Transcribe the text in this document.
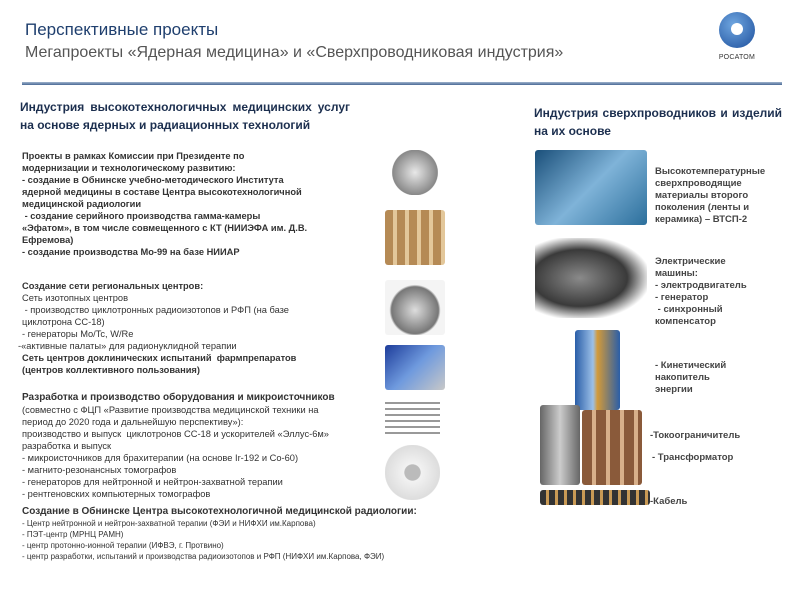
Перспективные проекты
Мегапроекты «Ядерная медицина» и «Сверхпроводниковая индустрия»	РОСАТОМ
Индустрия высокотехнологичных медицинских услуг на основе ядерных и радиационных технологий
Индустрия сверхпроводников и изделий на их основе
Проекты в рамках Комиссии при Президенте по
модернизации и технологическому развитию:
- создание в Обнинске учебно-методического Института
ядерной медицины в составе Центра высокотехнологичной
медицинской радиологии
- создание серийного производства гамма-камеры
«Эфатом», в том числе совмещенного с КТ (НИИЭФА им. Д.В.
Ефремова)
- создание производства Мо-99 на базе НИИАР
Создание сети региональных центров:
Сеть изотопных центров
- производство циклотронных радиоизотопов и РФП (на базе
циклотрона СС-18)
- генераторы Mo/Tc, W/Re
-«активные палаты» для радионуклидной терапии
Сеть центров доклинических испытаний  фармпрепаратов
(центров коллективного пользования)
Разработка и производство оборудования и микроисточников
(совместно с ФЦП «Развитие производства медицинской техники на
период до 2020 года и дальнейшую перспективу»):
производство и выпуск  циклотронов СС-18 и ускорителей «Эллус-6м»
разработка и выпуск
- микроисточников для брахитерапии (на основе Ir-192 и Co-60)
- магнито-резонансных томографов
- генераторов для нейтронной и нейтрон-захватной терапии
- рентгеновских компьютерных томографов
Создание в Обнинске Центра высокотехнологичной медицинской радиологии:
- Центр нейтронной и нейтрон-захватной терапии (ФЭИ и НИФХИ им.Карпова)
- ПЭТ-центр (МРНЦ РАМН)
- центр протонно-ионной терапии (ИФВЭ, г. Протвино)
- центр разработки, испытаний и производства радиоизотопов и РФП (НИФХИ им.Карпова, ФЭИ)
Высокотемпературные
сверхпроводящие
материалы второго
поколения (ленты и
керамика) – ВТСП-2
Электрические
машины:
- электродвигатель
- генератор
- синхронный
компенсатор
- Кинетический
накопитель
энергии
-Токоограничитель
- Трансформатор
-Кабель
